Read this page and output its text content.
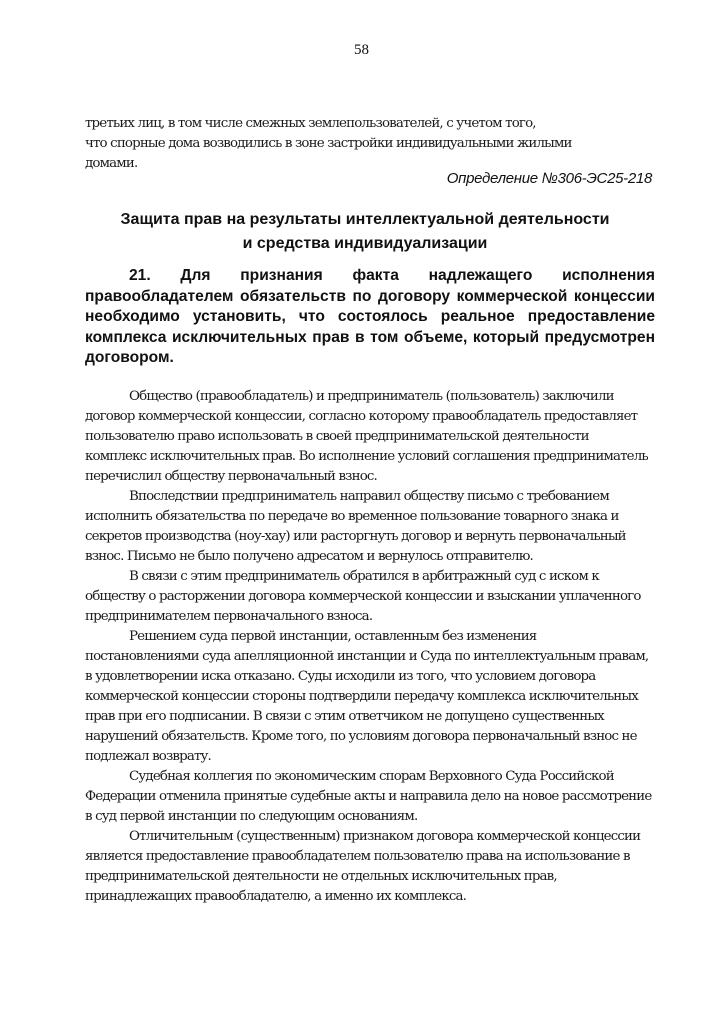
58

третьих лиц, в том числе смежных землепользователей, с учетом того,

что спорные дома возводились в зоне застройки индивидуальными жилыми

домами.

Определение №306-ЭС25-218

Защита прав на результаты интеллектуальной деятельности

и средства индивидуализации

21. Для признания факта надлежащего исполнения правообладателем обязательств по договору коммерческой концессии необходимо установить, что состоялось реальное предоставление комплекса исключительных прав в том объеме, который предусмотрен договором.

Общество (правообладатель) и предприниматель (пользователь) заключили договор коммерческой концессии, согласно которому правообладатель предоставляет пользователю право использовать в своей предпринимательской деятельности комплекс исключительных прав. Во исполнение условий соглашения предприниматель перечислил обществу первоначальный взнос.

Впоследствии предприниматель направил обществу письмо с требованием исполнить обязательства по передаче во временное пользование товарного знака и секретов производства (ноу-хау) или расторгнуть договор и вернуть первоначальный взнос. Письмо не было получено адресатом и вернулось отправителю.

В связи с этим предприниматель обратился в арбитражный суд с иском к обществу о расторжении договора коммерческой концессии и взыскании уплаченного предпринимателем первоначального взноса.

Решением суда первой инстанции, оставленным без изменения постановлениями суда апелляционной инстанции и Суда по интеллектуальным правам, в удовлетворении иска отказано. Суды исходили из того, что условием договора коммерческой концессии стороны подтвердили передачу комплекса исключительных прав при его подписании. В связи с этим ответчиком не допущено существенных нарушений обязательств. Кроме того, по условиям договора первоначальный взнос не подлежал возврату.

Судебная коллегия по экономическим спорам Верховного Суда Российской Федерации отменила принятые судебные акты и направила дело на новое рассмотрение в суд первой инстанции по следующим основаниям.

Отличительным (существенным) признаком договора коммерческой концессии является предоставление правообладателем пользователю права на использование в предпринимательской деятельности не отдельных исключительных прав, принадлежащих правообладателю, а именно их комплекса.
